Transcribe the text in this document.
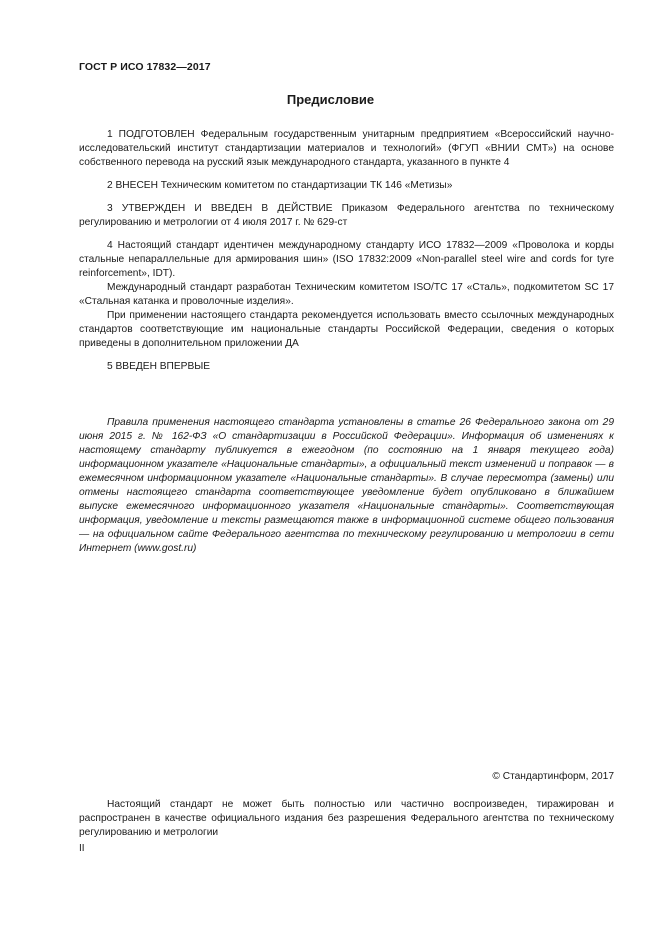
ГОСТ Р ИСО 17832—2017
Предисловие

1 ПОДГОТОВЛЕН Федеральным государственным унитарным предприятием «Всероссийский научно-исследовательский институт стандартизации материалов и технологий» (ФГУП «ВНИИ СМТ») на основе собственного перевода на русский язык международного стандарта, указанного в пункте 4

2 ВНЕСЕН Техническим комитетом по стандартизации ТК 146 «Метизы»

3 УТВЕРЖДЕН И ВВЕДЕН В ДЕЙСТВИЕ Приказом Федерального агентства по техническому регулированию и метрологии от 4 июля 2017 г. № 629-ст

4 Настоящий стандарт идентичен международному стандарту ИСО 17832—2009 «Проволока и корды стальные непараллельные для армирования шин» (ISO 17832:2009 «Non-parallel steel wire and cords for tyre reinforcement», IDT).

Международный стандарт разработан Техническим комитетом ISO/TC 17 «Сталь», подкомитетом SC 17 «Стальная катанка и проволочные изделия».

При применении настоящего стандарта рекомендуется использовать вместо ссылочных международных стандартов соответствующие им национальные стандарты Российской Федерации, сведения о которых приведены в дополнительном приложении ДА

5 ВВЕДЕН ВПЕРВЫЕ

Правила применения настоящего стандарта установлены в статье 26 Федерального закона от 29 июня 2015 г. № 162-ФЗ «О стандартизации в Российской Федерации». Информация об изменениях к настоящему стандарту публикуется в ежегодном (по состоянию на 1 января текущего года) информационном указателе «Национальные стандарты», а официальный текст изменений и поправок — в ежемесячном информационном указателе «Национальные стандарты». В случае пересмотра (замены) или отмены настоящего стандарта соответствующее уведомление будет опубликовано в ближайшем выпуске ежемесячного информационного указателя «Национальные стандарты». Соответствующая информация, уведомление и тексты размещаются также в информационной системе общего пользования — на официальном сайте Федерального агентства по техническому регулированию и метрологии в сети Интернет (www.gost.ru)

© Стандартинформ, 2017

Настоящий стандарт не может быть полностью или частично воспроизведен, тиражирован и распространен в качестве официального издания без разрешения Федерального агентства по техническому регулированию и метрологии

II
